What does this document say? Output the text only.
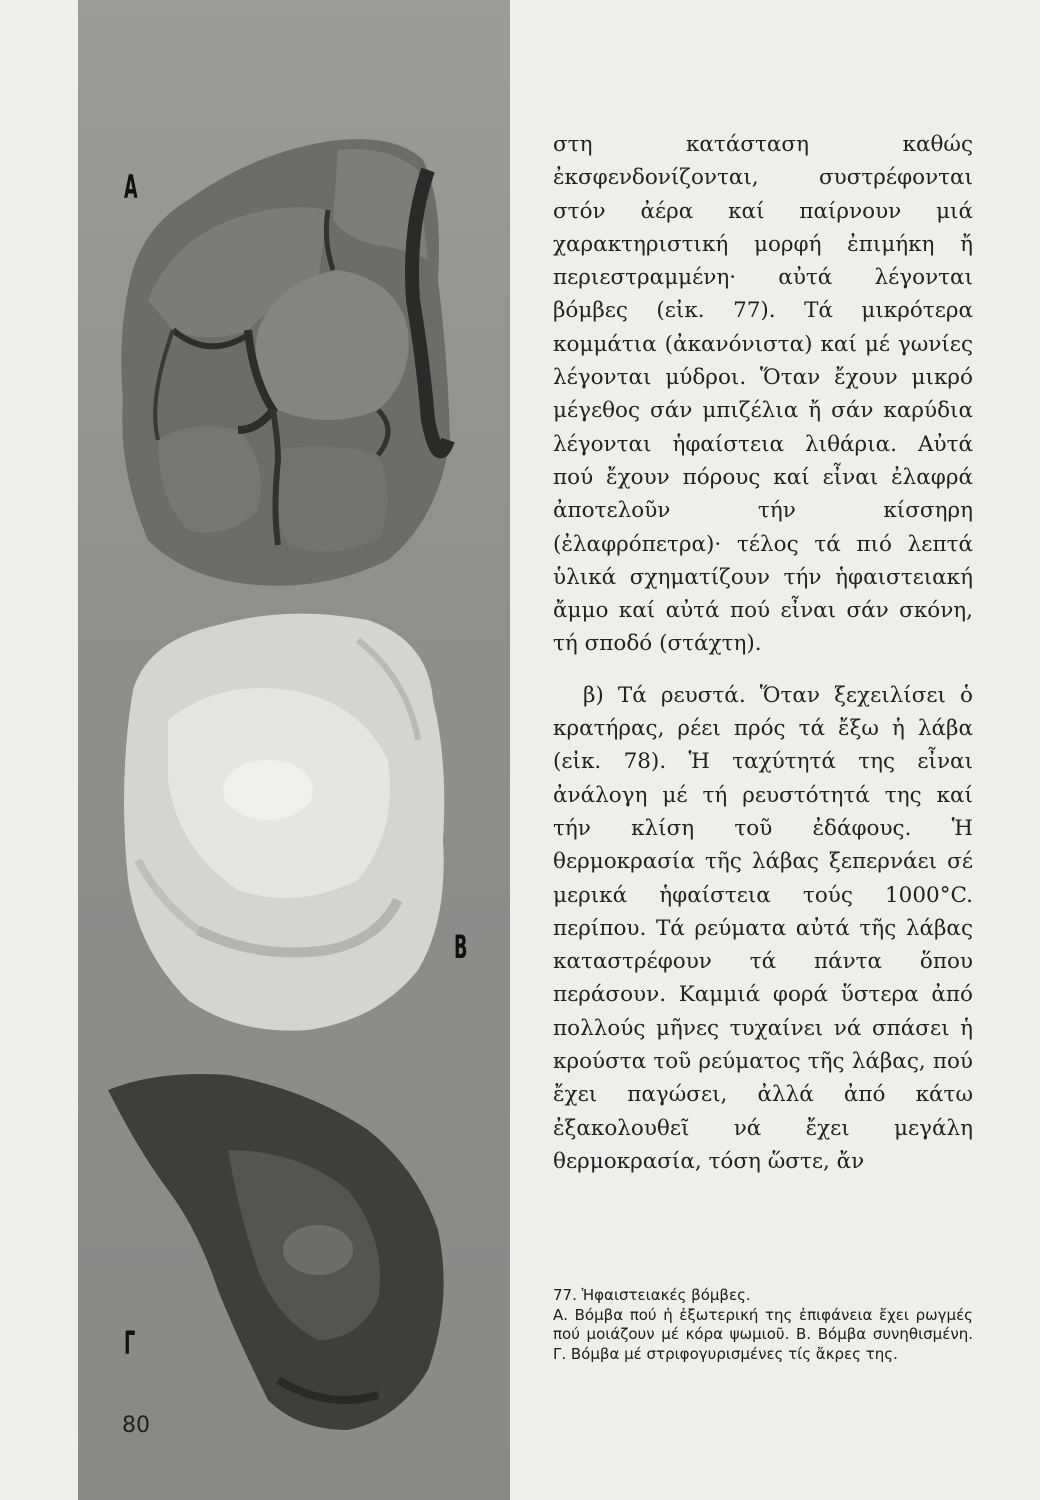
A
B
Γ
80

στη κατάσταση καθώς ἐκσφενδονίζονται, συστρέφονται στόν ἀέρα καί παίρνουν μιά χαρακτηριστική μορφή ἐπιμήκη ἤ περιεστραμμένη· αὐτά λέγονται βόμβες (εἰκ. 77). Τά μικρότερα κομμάτια (ἀκανόνιστα) καί μέ γωνίες λέγονται μύδροι. Ὅταν ἔχουν μικρό μέγεθος σάν μπιζέλια ἤ σάν καρύδια λέγονται ἡφαίστεια λιθάρια. Αὐτά πού ἔχουν πόρους καί εἶναι ἐλαφρά ἀποτελοῦν τήν κίσσηρη (ἐλαφρόπετρα)· τέλος τά πιό λεπτά ὑλικά σχηματίζουν τήν ἡφαιστειακή ἄμμο καί αὐτά πού εἶναι σάν σκόνη, τή σποδό (στάχτη).

β) Τά ρευστά. Ὅταν ξεχειλίσει ὁ κρατήρας, ρέει πρός τά ἔξω ἡ λάβα (εἰκ. 78). Ἡ ταχύτητά της εἶναι ἀνάλογη μέ τή ρευστότητά της καί τήν κλίση τοῦ ἐδάφους. Ἡ θερμοκρασία τῆς λάβας ξεπερνάει σέ μερικά ἡφαίστεια τούς 1000°C. περίπου. Τά ρεύματα αὐτά τῆς λάβας καταστρέφουν τά πάντα ὅπου περάσουν. Καμμιά φορά ὕστερα ἀπό πολλούς μῆνες τυχαίνει νά σπάσει ἡ κρούστα τοῦ ρεύματος τῆς λάβας, πού ἔχει παγώσει, ἀλλά ἀπό κάτω ἐξακολουθεῖ νά ἔχει μεγάλη θερμοκρασία, τόση ὥστε, ἄν

77. Ἡφαιστειακές βόμβες.
Α. Βόμβα πού ἡ ἐξωτερική της ἐπιφάνεια ἔχει ρωγμές πού μοιάζουν μέ κόρα ψωμιοῦ. Β. Βόμβα συνηθισμένη. Γ. Βόμβα μέ στριφογυρισμένες τίς ἄκρες της.
